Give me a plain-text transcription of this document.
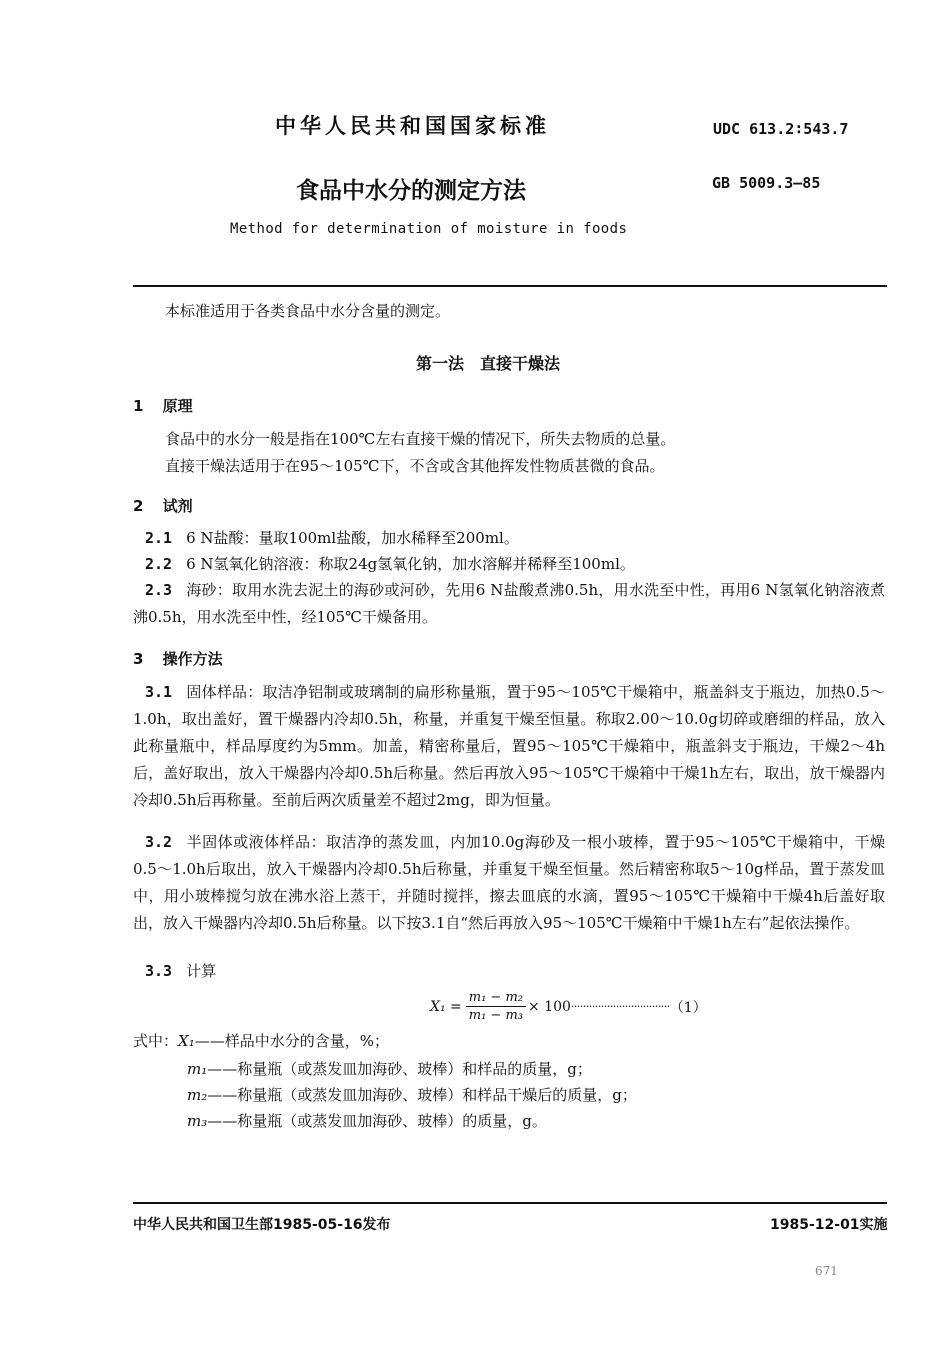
中华人民共和国国家标准	UDC 613.2∶543.7
食品中水分的测定方法	GB 5009.3—85
Method for determination of moisture in foods
本标准适用于各类食品中水分含量的测定。
第一法　直接干燥法
1 原理
食品中的水分一般是指在100℃左右直接干燥的情况下，所失去物质的总量。
直接干燥法适用于在95～105℃下，不含或含其他挥发性物质甚微的食品。
2 试剂
2.1 6 N盐酸：量取100ml盐酸，加水稀释至200ml。
2.2 6 N氢氧化钠溶液：称取24g氢氧化钠，加水溶解并稀释至100ml。
2.3 海砂：取用水洗去泥土的海砂或河砂，先用6 N盐酸煮沸0.5h，用水洗至中性，再用6 N氢氧化钠溶液煮沸0.5h，用水洗至中性，经105℃干燥备用。
3 操作方法
3.1 固体样品：取洁净铝制或玻璃制的扁形称量瓶，置于95～105℃干燥箱中，瓶盖斜支于瓶边，加热0.5～1.0h，取出盖好，置干燥器内冷却0.5h，称量，并重复干燥至恒量。称取2.00～10.0g切碎或磨细的样品，放入此称量瓶中，样品厚度约为5mm。加盖，精密称量后，置95～105℃干燥箱中，瓶盖斜支于瓶边，干燥2～4h后，盖好取出，放入干燥器内冷却0.5h后称量。然后再放入95～105℃干燥箱中干燥1h左右，取出，放干燥器内冷却0.5h后再称量。至前后两次质量差不超过2mg，即为恒量。
3.2 半固体或液体样品：取洁净的蒸发皿，内加10.0g海砂及一根小玻棒，置于95～105℃干燥箱中，干燥0.5～1.0h后取出，放入干燥器内冷却0.5h后称量，并重复干燥至恒量。然后精密称取5～10g样品，置于蒸发皿中，用小玻棒搅匀放在沸水浴上蒸干，并随时搅拌，擦去皿底的水滴，置95～105℃干燥箱中干燥4h后盖好取出，放入干燥器内冷却0.5h后称量。以下按3.1自“然后再放入95～105℃干燥箱中干燥1h左右”起依法操作。
3.3 计算
$X_1 = \frac{\text{m₁ − m₂}}{\text{m₁ − m₃}} \times 100$ ································· （1）
式中：X₁——样品中水分的含量，%；
m₁——称量瓶（或蒸发皿加海砂、玻棒）和样品的质量，g；
m₂——称量瓶（或蒸发皿加海砂、玻棒）和样品干燥后的质量，g；
m₃——称量瓶（或蒸发皿加海砂、玻棒）的质量，g。
中华人民共和国卫生部1985-05-16发布	1985-12-01实施
671
